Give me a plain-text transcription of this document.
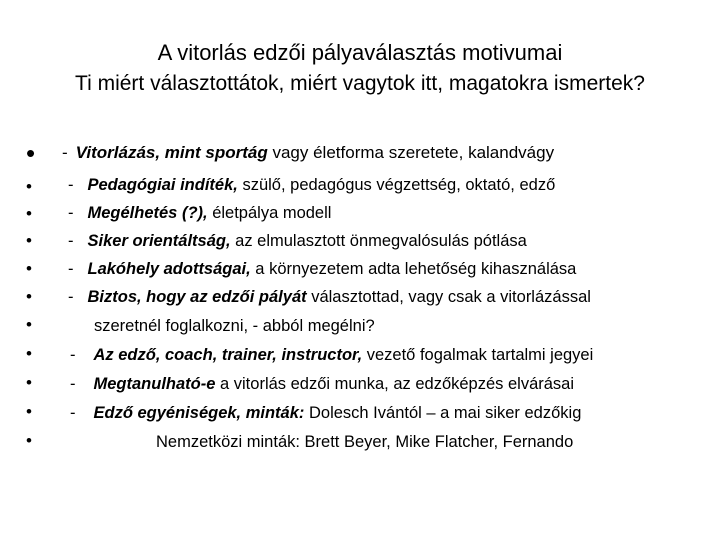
A vitorlás edzői pályaválasztás motivumai
Ti miért választottátok, miért vagytok itt, magatokra ismertek?
•
•
•
•
•
•
•
•
•
•
•
- Vitorlázás, mint sportág vagy életforma szeretete, kalandvágy
- Pedagógiai indíték, szülő, pedagógus végzettség, oktató, edző
- Megélhetés (?), életpálya modell
- Siker orientáltság, az elmulasztott önmegvalósulás pótlása
- Lakóhely adottságai, a környezetem adta lehetőség kihasználása
- Biztos, hogy az edzői pályát választottad, vagy csak a vitorlázással
szeretnél foglalkozni, - abból megélni?
- Az edző, coach, trainer, instructor, vezető fogalmak tartalmi jegyei
- Megtanulható-e a vitorlás edzői munka, az edzőképzés elvárásai
- Edző egyéniségek, minták: Dolesch Ivántól – a mai siker edzőkig
Nemzetközi minták: Brett Beyer, Mike Flatcher, Fernando
